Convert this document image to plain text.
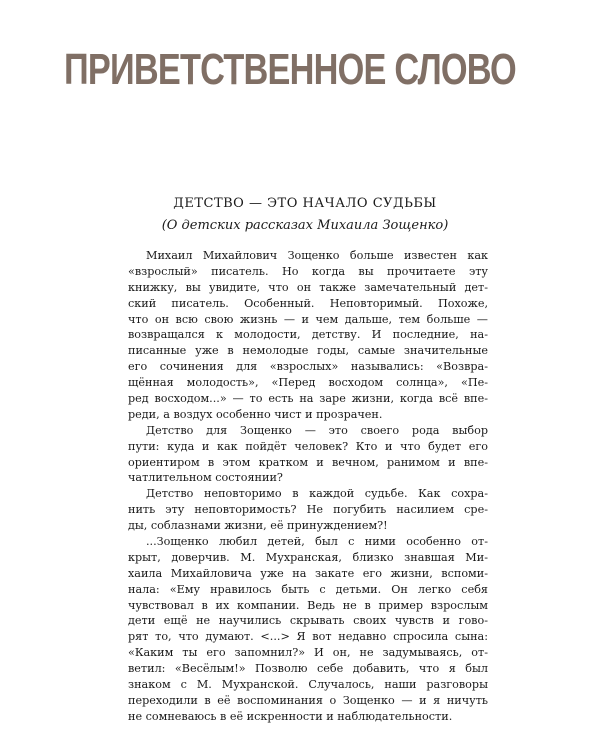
ПРИВЕТСТВЕННОЕ СЛОВО
ДЕТСТВО — ЭТО НАЧАЛО СУДЬБЫ
(О детских рассказах Михаила Зощенко)
Михаил Михайлович Зощенко больше известен как
«взрослый» писатель. Но когда вы прочитаете эту
книжку, вы увидите, что он также замечательный дет-
ский писатель. Особенный. Неповторимый. Похоже,
что он всю свою жизнь — и чем дальше, тем больше —
возвращался к молодости, детству. И последние, на-
писанные уже в немолодые годы, самые значительные
его сочинения для «взрослых» назывались: «Возвра-
щённая молодость», «Перед восходом солнца», «Пе-
ред восходом...» — то есть на заре жизни, когда всё впе-
реди, а воздух особенно чист и прозрачен.
Детство для Зощенко — это своего рода выбор
пути: куда и как пойдёт человек? Кто и что будет его
ориентиром в этом кратком и вечном, ранимом и впе-
чатлительном состоянии?
Детство неповторимо в каждой судьбе. Как сохра-
нить эту неповторимость? Не погубить насилием сре-
ды, соблазнами жизни, её принуждением?!
...Зощенко любил детей, был с ними особенно от-
крыт, доверчив. М. Мухранская, близко знавшая Ми-
хаила Михайловича уже на закате его жизни, вспоми-
нала: «Ему нравилось быть с детьми. Он легко себя
чувствовал в их компании. Ведь не в пример взрослым
дети ещё не научились скрывать своих чувств и гово-
рят то, что думают. <...> Я вот недавно спросила сына:
«Каким ты его запомнил?» И он, не задумываясь, от-
ветил: «Весёлым!» Позволю себе добавить, что я был
знаком с М. Мухранской. Случалось, наши разговоры
переходили в её воспоминания о Зощенко — и я ничуть
не сомневаюсь в её искренности и наблюдательности.
